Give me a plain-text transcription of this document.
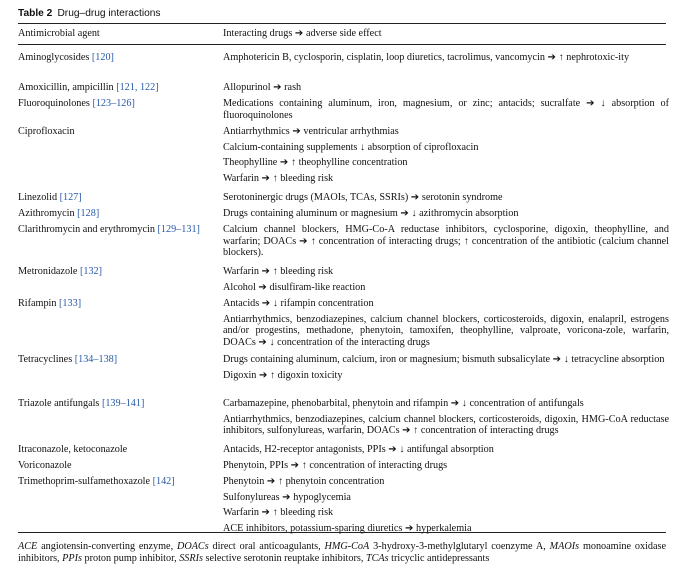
Table 2 Drug–drug interactions
Antimicrobial agent	Interacting drugs ➔ adverse side effect
Aminoglycosides [120]	Amphotericin B, cyclosporin, cisplatin, loop diuretics, tacrolimus, vancomycin ➔ ↑ nephrotoxic-ity

Amoxicillin, ampicillin [121, 122]	Allopurinol ➔ rash

Fluoroquinolones [123–126]	Medications containing aluminum, iron, magnesium, or zinc; antacids; sucralfate ➔ ↓ absorption of fluoroquinolones

Ciprofloxacin	Antiarrhythmics ➔ ventricular arrhythmias

Calcium-containing supplements ↓ absorption of ciprofloxacin

Theophylline ➔ ↑ theophylline concentration

Warfarin ➔ ↑ bleeding risk

Linezolid [127]	Serotoninergic drugs (MAOIs, TCAs, SSRIs) ➔ serotonin syndrome

Azithromycin [128]	Drugs containing aluminum or magnesium ➔ ↓ azithromycin absorption

Clarithromycin and erythromycin [129–131]	Calcium channel blockers, HMG-Co-A reductase inhibitors, cyclosporine, digoxin, theophylline, and warfarin; DOACs ➔ ↑ concentration of interacting drugs; ↑ concentration of the antibiotic (calcium channel blockers).

Metronidazole [132]	Warfarin ➔ ↑ bleeding risk

Alcohol ➔ disulfiram-like reaction

Rifampin [133]	Antacids ➔ ↓ rifampin concentration

Antiarrhythmics, benzodiazepines, calcium channel blockers, corticosteroids, digoxin, enalapril, estrogens and/or progestins, methadone, phenytoin, tamoxifen, theophylline, valproate, voricona-zole, warfarin, DOACs ➔ ↓ concentration of the interacting drugs

Tetracyclines [134–138]	Drugs containing aluminum, calcium, iron or magnesium; bismuth subsalicylate ➔ ↓ tetracycline absorption

Digoxin ➔ ↑ digoxin toxicity

Triazole antifungals [139–141]	Carbamazepine, phenobarbital, phenytoin and rifampin ➔ ↓ concentration of antifungals

Antiarrhythmics, benzodiazepines, calcium channel blockers, corticosteroids, digoxin, HMG-CoA reductase inhibitors, sulfonylureas, warfarin, DOACs ➔ ↑ concentration of interacting drugs

Itraconazole, ketoconazole	Antacids, H2-receptor antagonists, PPIs ➔ ↓ antifungal absorption

Voriconazole	Phenytoin, PPIs ➔ ↑ concentration of interacting drugs

Trimethoprim-sulfamethoxazole [142]	Phenytoin ➔ ↑ phenytoin concentration

Sulfonylureas ➔ hypoglycemia

Warfarin ➔ ↑ bleeding risk

ACE inhibitors, potassium-sparing diuretics ➔ hyperkalemia

ACE angiotensin-converting enzyme, DOACs direct oral anticoagulants, HMG-CoA 3-hydroxy-3-methylglutaryl coenzyme A, MAOIs monoamine oxidase inhibitors, PPIs proton pump inhibitor, SSRIs selective serotonin reuptake inhibitors, TCAs tricyclic antidepressants
